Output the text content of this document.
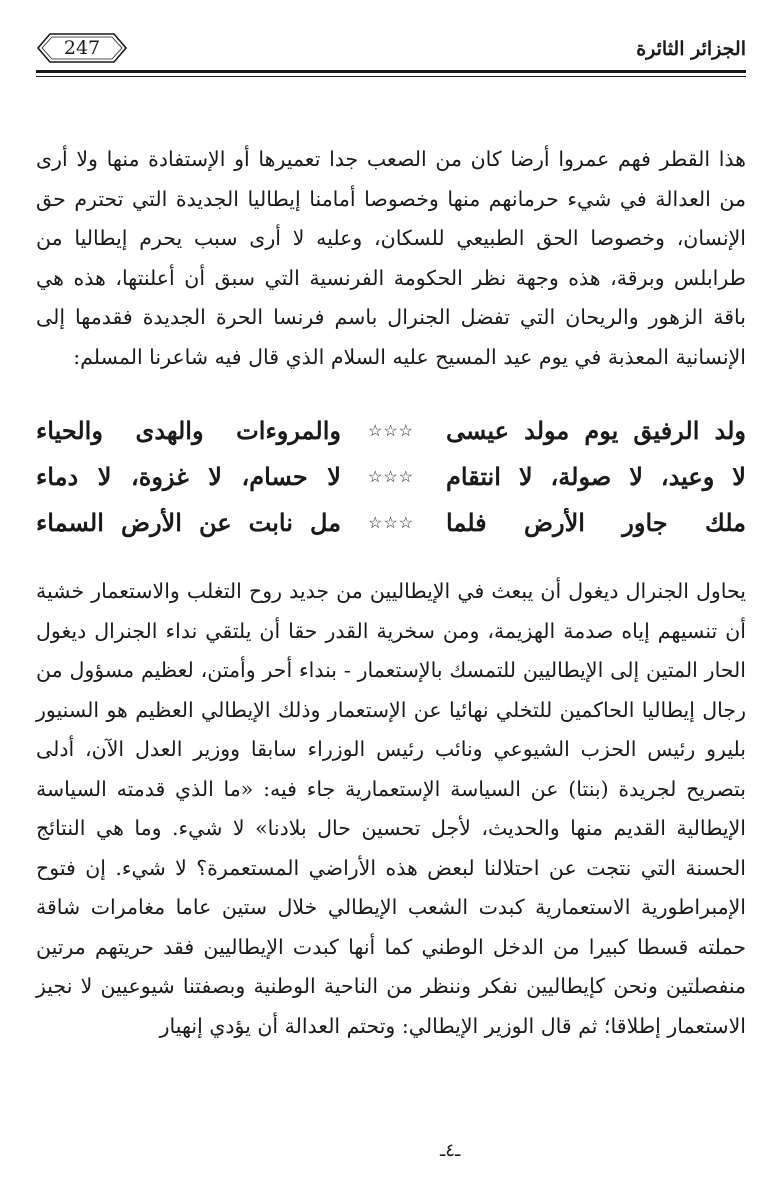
247	الجزائر الثائرة
هذا القطر فهم عمروا أرضا كان من الصعب جدا تعميرها أو الإستفادة منها ولا أرى من العدالة في شيء حرمانهم منها وخصوصا أمامنا إيطاليا الجديدة التي تحترم حق الإنسان، وخصوصا الحق الطبيعي للسكان، وعليه لا أرى سبب يحرم إيطاليا من طرابلس وبرقة، هذه وجهة نظر الحكومة الفرنسية التي سبق أن أعلنتها، هذه هي باقة الزهور والريحان التي تفضل الجنرال باسم فرنسا الحرة الجديدة فقدمها إلى الإنسانية المعذبة في يوم عيد المسيح عليه السلام الذي قال فيه شاعرنا المسلم:
ولد الرفيق يوم مولد عيسى
☆☆☆
والمروءات والهدى والحياء
لا وعيد، لا صولة، لا انتقام
☆☆☆
لا حسام، لا غزوة، لا دماء
ملك جاور الأرض فلما
☆☆☆
مل نابت عن الأرض السماء
يحاول الجنرال ديغول أن يبعث في الإيطاليين من جديد روح التغلب والاستعمار خشية أن تنسيهم إياه صدمة الهزيمة، ومن سخرية القدر حقا أن يلتقي نداء الجنرال ديغول الحار المتين إلى الإيطاليين للتمسك بالإستعمار - بنداء أحر وأمتن، لعظيم مسؤول من رجال إيطاليا الحاكمين للتخلي نهائيا عن الإستعمار وذلك الإيطالي العظيم هو السنيور بليرو رئيس الحزب الشيوعي ونائب رئيس الوزراء سابقا ووزير العدل الآن، أدلى بتصريح لجريدة (بنتا) عن السياسة الإستعمارية جاء فيه: «ما الذي قدمته السياسة الإيطالية القديم منها والحديث، لأجل تحسين حال بلادنا» لا شيء. وما هي النتائج الحسنة التي نتجت عن احتلالنا لبعض هذه الأراضي المستعمرة؟ لا شيء. إن فتوح الإمبراطورية الاستعمارية كبدت الشعب الإيطالي خلال ستين عاما مغامرات شاقة حملته قسطا كبيرا من الدخل الوطني كما أنها كبدت الإيطاليين فقد حريتهم مرتين منفصلتين ونحن كإيطاليين نفكر وننظر من الناحية الوطنية وبصفتنا شيوعيين لا نجيز الاستعمار إطلاقا؛ ثم قال الوزير الإيطالي: وتحتم العدالة أن يؤدي إنهيار
ـ٤ـ
